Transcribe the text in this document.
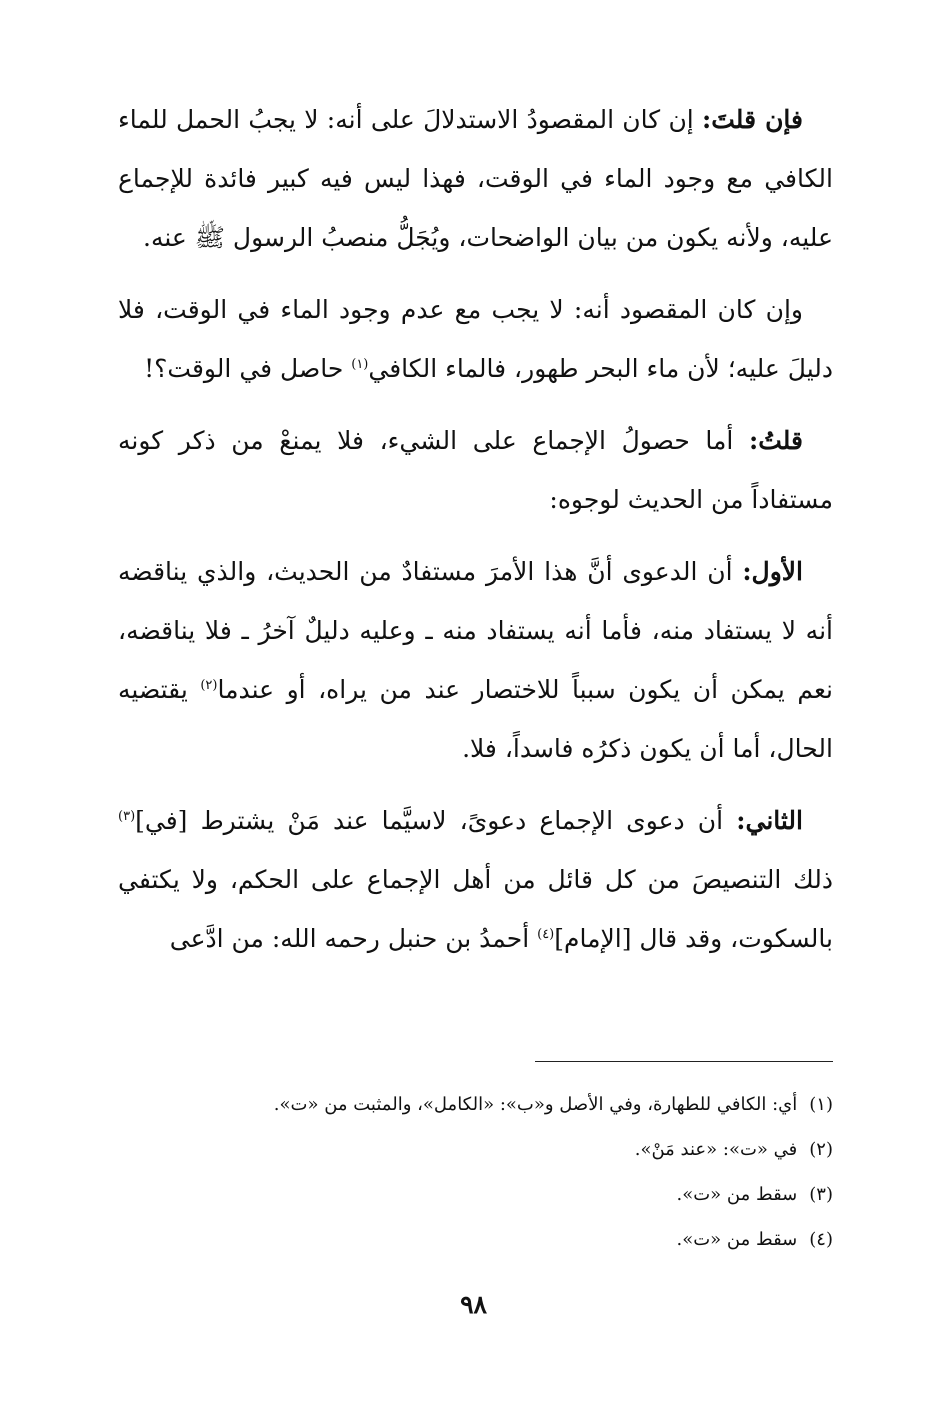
فإن قلتَ: إن كان المقصودُ الاستدلالَ على أنه: لا يجبُ الحمل للماء الكافي مع وجود الماء في الوقت، فهذا ليس فيه كبير فائدة للإجماع عليه، ولأنه يكون من بيان الواضحات، ويُجَلُّ منصبُ الرسول ﷺ عنه.

وإن كان المقصود أنه: لا يجب مع عدم وجود الماء في الوقت، فلا دليلَ عليه؛ لأن ماء البحر طهور، فالماء الكافي$^{(١)}$ حاصل في الوقت؟!

قلتُ: أما حصولُ الإجماع على الشيء، فلا يمنعْ من ذكر كونه مستفاداً من الحديث لوجوه:

الأول: أن الدعوى أنَّ هذا الأمرَ مستفادٌ من الحديث، والذي يناقضه أنه لا يستفاد منه، فأما أنه يستفاد منه ـ وعليه دليلٌ آخرُ ـ فلا يناقضه، نعم يمكن أن يكون سبباً للاختصار عند من يراه، أو عندما$^{(٢)}$ يقتضيه الحال، أما أن يكون ذكرُه فاسداً، فلا.

الثاني: أن دعوى الإجماع دعوىً، لاسيَّما عند مَنْ يشترط [في]$^{(٣)}$ ذلك التنصيصَ من كل قائل من أهل الإجماع على الحكم، ولا يكتفي بالسكوت، وقد قال [الإمام]$^{(٤)}$ أحمدُ بن حنبل رحمه الله: من ادَّعى

(١)أي: الكافي للطهارة، وفي الأصل و«ب»: «الكامل»، والمثبت من «ت».

(٢)في «ت»: «عند مَنْ».

(٣)سقط من «ت».

(٤)سقط من «ت».

٩٨
